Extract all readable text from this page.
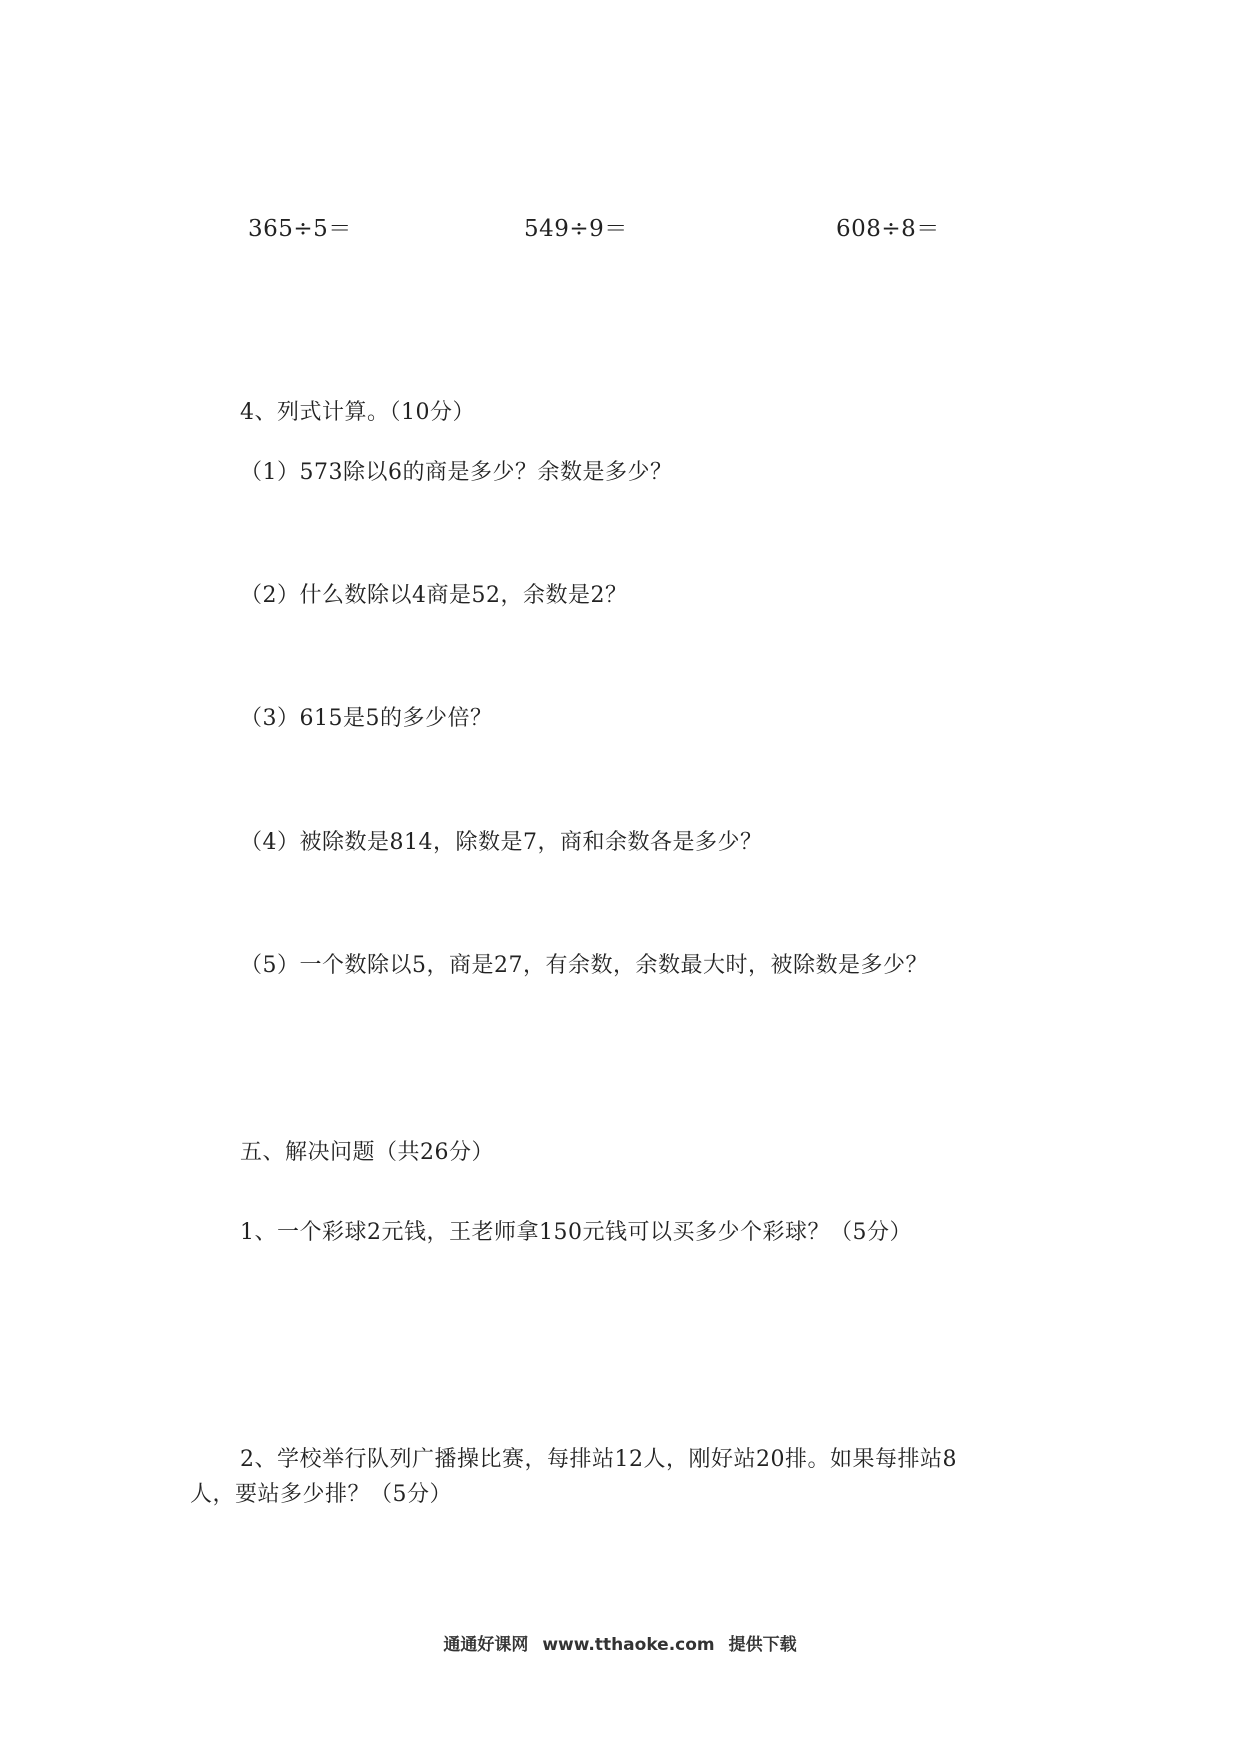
365÷5＝	549÷9＝	608÷8＝
4、列式计算。（10分）
（1）573除以6的商是多少？余数是多少？
（2）什么数除以4商是52，余数是2？
（3）615是5的多少倍？
（4）被除数是814，除数是7，商和余数各是多少？
（5）一个数除以5，商是27，有余数，余数最大时，被除数是多少？
五、解决问题（共26分）
1、一个彩球2元钱，王老师拿150元钱可以买多少个彩球？（5分）
2、学校举行队列广播操比赛，每排站12人，刚好站20排。如果每排站8
人，要站多少排？（5分）
通通好课网 www.tthaoke.com 提供下载
